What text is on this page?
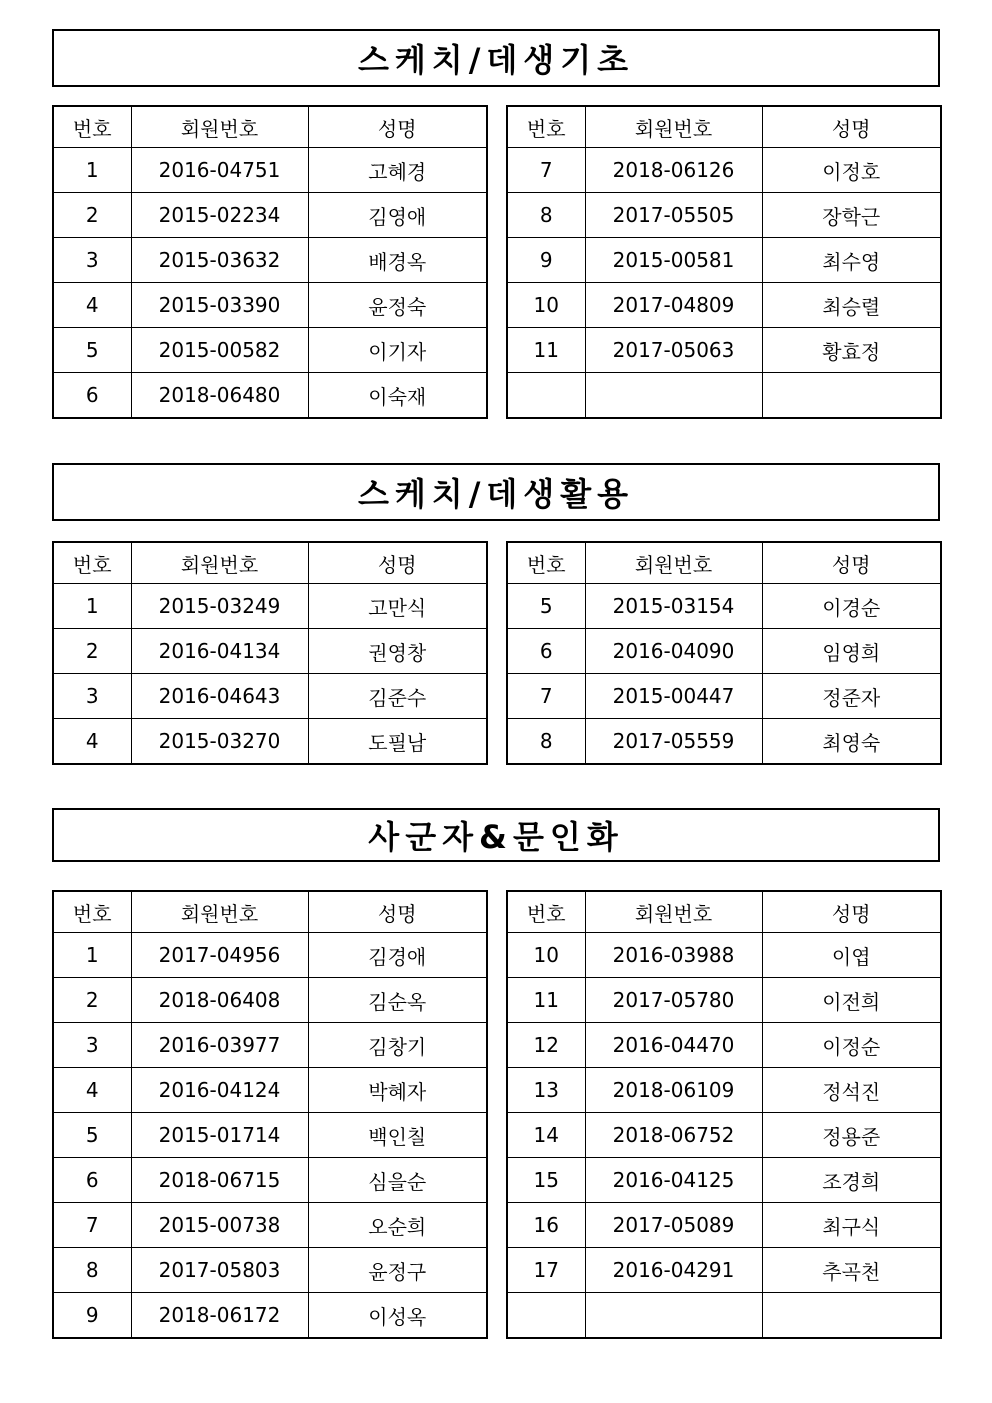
스케치/데생기초
번호	회원번호	성명
1	2016-04751	고혜경
2	2015-02234	김영애
3	2015-03632	배경옥
4	2015-03390	윤정숙
5	2015-00582	이기자
6	2018-06480	이숙재
번호	회원번호	성명
7	2018-06126	이정호
8	2017-05505	장학근
9	2015-00581	최수영
10	2017-04809	최승렬
11	2017-05063	황효정

스케치/데생활용
번호	회원번호	성명
1	2015-03249	고만식
2	2016-04134	권영창
3	2016-04643	김준수
4	2015-03270	도필남
번호	회원번호	성명
5	2015-03154	이경순
6	2016-04090	임영희
7	2015-00447	정준자
8	2017-05559	최영숙
사군자&문인화
번호	회원번호	성명
1	2017-04956	김경애
2	2018-06408	김순옥
3	2016-03977	김창기
4	2016-04124	박혜자
5	2015-01714	백인칠
6	2018-06715	심을순
7	2015-00738	오순희
8	2017-05803	윤정구
9	2018-06172	이성옥
번호	회원번호	성명
10	2016-03988	이엽
11	2017-05780	이전희
12	2016-04470	이정순
13	2018-06109	정석진
14	2018-06752	정용준
15	2016-04125	조경희
16	2017-05089	최구식
17	2016-04291	추곡천
